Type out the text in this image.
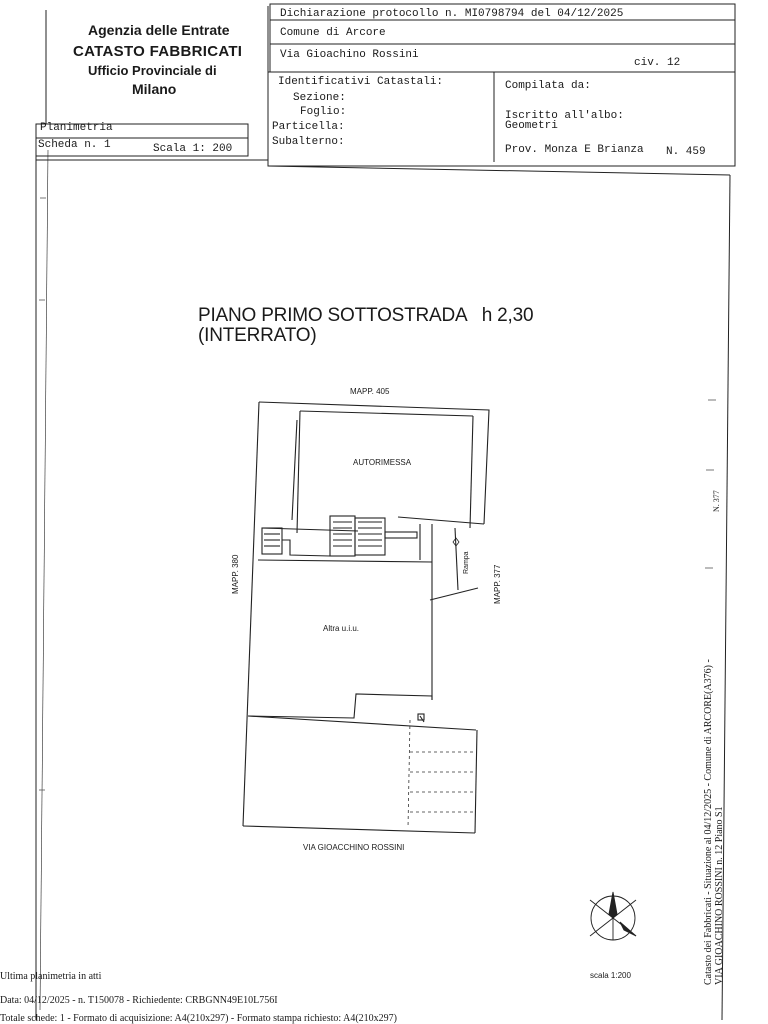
Agenzia delle Entrate
CATASTO FABBRICATI
Ufficio Provinciale di
Milano
Dichiarazione protocollo n. MI0798794 del 04/12/2025
Comune di Arcore
Via Gioachino Rossini
civ. 12
Identificativi Catastali:
Sezione:
Foglio:
Particella:
Subalterno:
Compilata da:
Iscritto all'albo:
Geometri
Prov. Monza E Brianza N. 459
Planimetria
Scheda n. 1	Scala 1: 200
PIANO PRIMO SOTTOSTRADA   h 2,30
(INTERRATO)
MAPP. 405
AUTORIMESSA
Altra u.i.u.
VIA GIOACCHINO ROSSINI
scala 1:200
MAPP. 380	MAPP. 377
Rampa
Ultima planimetria in atti
Data: 04/12/2025 - n. T150078 - Richiedente: CRBGNN49E10L756I
Totale schede: 1 - Formato di acquisizione: A4(210x297) - Formato stampa richiesto: A4(210x297)
Catasto dei Fabbricati - Situazione al 04/12/2025 - Comune di ARCORE(A376) - VIA GIOACHINO ROSSINI n. 12 Piano S1
N. 377
